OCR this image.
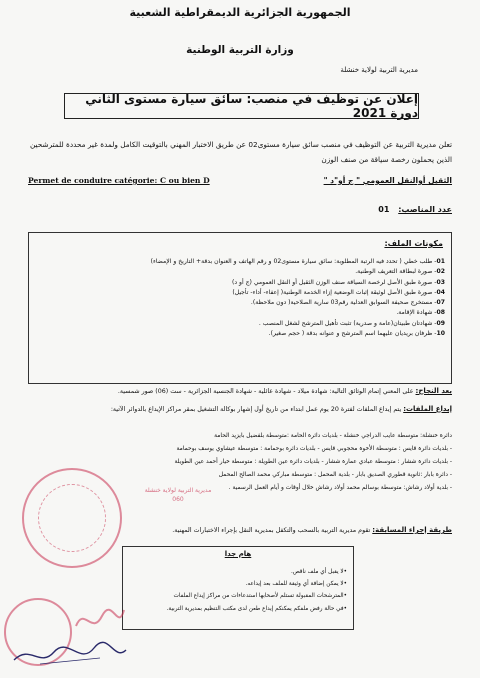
الجمهورية الجزائرية الديمقراطية الشعبية
وزارة التربية الوطنية
مديرية التربية لولاية خنشلة
إعلان عن توظيف في منصب: سائق سيارة مستوى الثاني دورة 2021
تعلن مديرية التربية عن التوظيف في منصب سائق سيارة مستوى02 عن طريق الاختبار المهني بالتوقيت الكامل ولمدة غير محددة للمترشحين الذين يحملون رخصة سياقة من صنف الوزن
الثقيل أوالنقل العمومي " ج أو"د "
Permet de conduire catégorie: C ou bien D
عدد المناصب: 01
مكونات الملف:
01- طلب خطي ( تحدد فيه الرتبة المطلوبة: سائق سيارة مستوى02 و رقم الهاتف و العنوان بدقة+ التاريخ و الإمضاء)
02- صورة لبطاقة التعريف الوطنية.
03- صورة طبق الأصل لرخصة السياقة صنف الوزن الثقيل أو النقل العمومي (ج أو د)
04- صورة طبق الأصل لوثيقة إثبات الوضعية إزاء الخدمة الوطنية( إعفاء- أداء- تأجيل)
07- مستخرج صحيفة السوابق العدلية رقم03 سارية الصلاحية( دون ملاحظة).
08- شهادة الإقامة.
09- شهادتان طبيتان(عامة و صدرية) تثبت تأهيل المترشح لشغل المنصب .
10- ظرفان بريديان عليهما اسم المترشح و عنوانه بدقة ( حجم صغير).
بعد النجاح: على المعني إتمام الوثائق التالية: شهادة ميلاد - شهادة عائلية - شهادة الجنسية الجزائرية - ست (06) صور شمسية.
إيداع الملفات: يتم إيداع الملفات لفترة 20 يوم عمل ابتداء من تاريخ أول إشهار بوكالة التشغيل بمقر مراكز الإيداع بالدوائر الآتية:
دائرة خنشلة: متوسطة عايب الدراجي خنشلة - بلديات دائرة الحامة :متوسطة بلفضيل بايزيد الحامة
- بلديات دائرة قايس : متوسطة الأخوة محجوبي قايس - بلديات دائرة بوحمامة : متوسطة عيشاوي يوسف بوحمامة
- بلديات دائرة ششار : متوسطة عبادي عمارة ششار - بلديات دائرة عين الطويلة : متوسطة خيار أحمد عين الطويلة
- دائرة بابار :ثانوية قطوري الصديق بابار - بلدية المحمل : متوسطة مباركي محمد الصالح المحمل
- بلدية أولاد رشاش: متوسطة بوسالم محمد أولاد رشاش خلال أوقات و أيام العمل الرسمية .
طريقة إجراء المسابقة: تقوم مديرية التربية بالسحب والتكفل بمديرية النقل بإجراء الاختبارات المهنية.
هام جدا
• لا يقبل أي ملف ناقص.
• لا يمكن إضافة أي وثيقة للملف بعد إيداعه.
• المترشحات المقبولة تستلم لأصحابها استدعاءات من مراكز إيداع الملفات
• في حالة رفض ملفكم يمكنكم إيداع طعن لدى مكتب التنظيم بمديرية التربية.
مديرية التربية لولاية خنشلة
060
